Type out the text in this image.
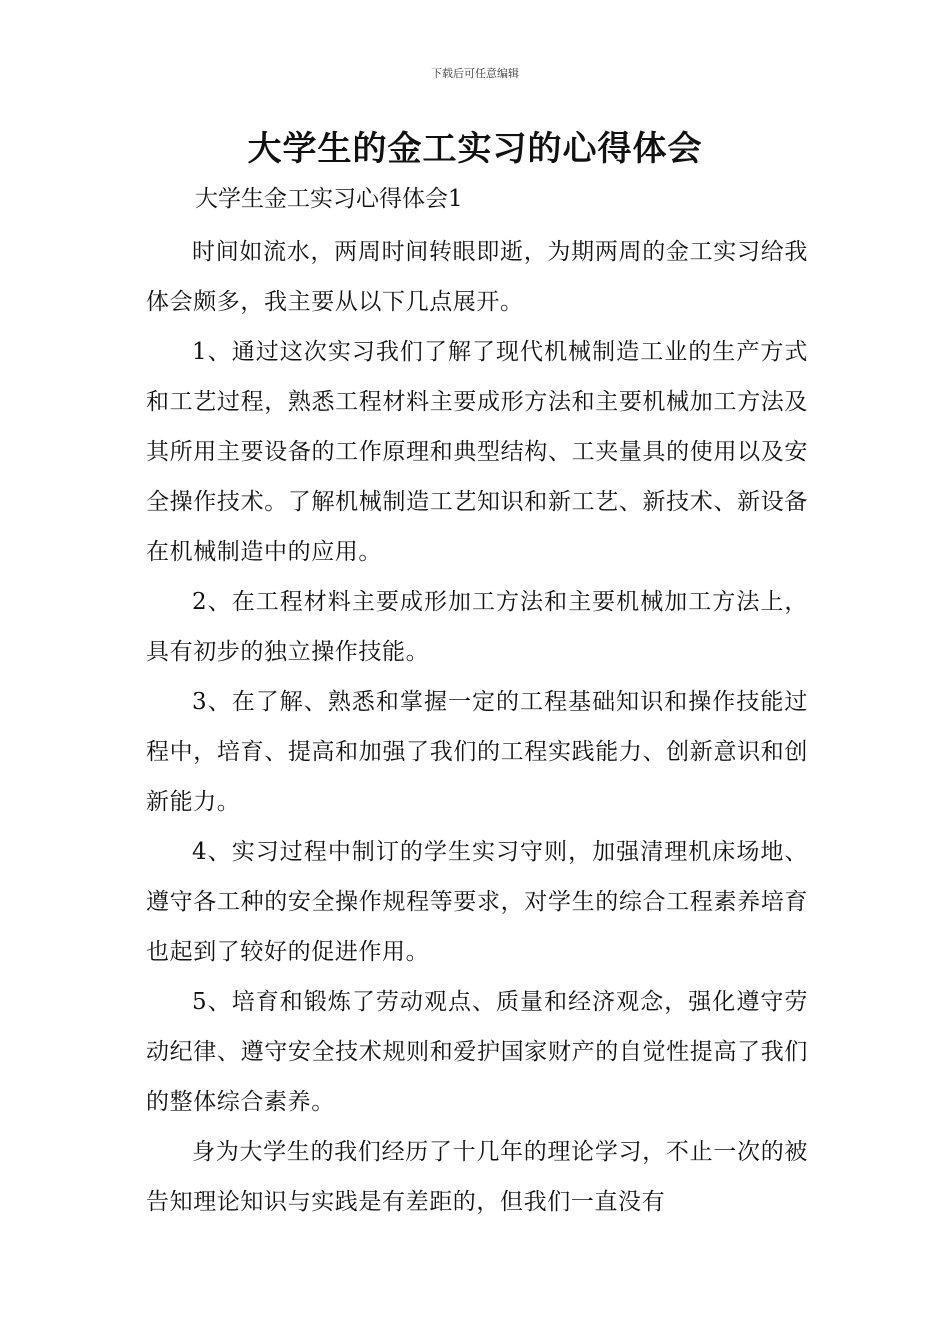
下载后可任意编辑
大学生的金工实习的心得体会
大学生金工实习心得体会1

时间如流水，两周时间转眼即逝，为期两周的金工实习给我体会颇多，我主要从以下几点展开。

1、通过这次实习我们了解了现代机械制造工业的生产方式和工艺过程，熟悉工程材料主要成形方法和主要机械加工方法及其所用主要设备的工作原理和典型结构、工夹量具的使用以及安全操作技术。了解机械制造工艺知识和新工艺、新技术、新设备在机械制造中的应用。

2、在工程材料主要成形加工方法和主要机械加工方法上，具有初步的独立操作技能。

3、在了解、熟悉和掌握一定的工程基础知识和操作技能过程中，培育、提高和加强了我们的工程实践能力、创新意识和创新能力。

4、实习过程中制订的学生实习守则，加强清理机床场地、遵守各工种的安全操作规程等要求，对学生的综合工程素养培育也起到了较好的促进作用。

5、培育和锻炼了劳动观点、质量和经济观念，强化遵守劳动纪律、遵守安全技术规则和爱护国家财产的自觉性提高了我们的整体综合素养。

身为大学生的我们经历了十几年的理论学习，不止一次的被告知理论知识与实践是有差距的，但我们一直没有
